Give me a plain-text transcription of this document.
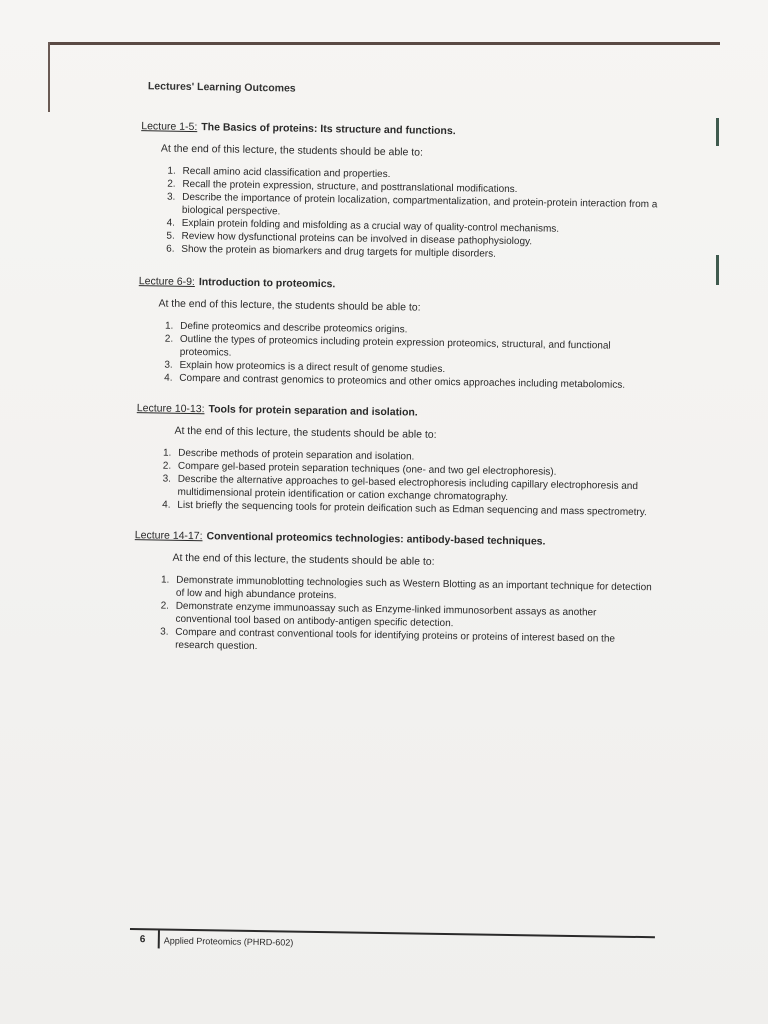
Lectures' Learning Outcomes
Lecture 1-5: The Basics of proteins: Its structure and functions.
At the end of this lecture, the students should be able to:
1. Recall amino acid classification and properties.
2. Recall the protein expression, structure, and posttranslational modifications.
3. Describe the importance of protein localization, compartmentalization, and protein-protein interaction from a biological perspective.
4. Explain protein folding and misfolding as a crucial way of quality-control mechanisms.
5. Review how dysfunctional proteins can be involved in disease pathophysiology.
6. Show the protein as biomarkers and drug targets for multiple disorders.
Lecture 6-9: Introduction to proteomics.
At the end of this lecture, the students should be able to:
1. Define proteomics and describe proteomics origins.
2. Outline the types of proteomics including protein expression proteomics, structural, and functional proteomics.
3. Explain how proteomics is a direct result of genome studies.
4. Compare and contrast genomics to proteomics and other omics approaches including metabolomics.
Lecture 10-13: Tools for protein separation and isolation.
At the end of this lecture, the students should be able to:
1. Describe methods of protein separation and isolation.
2. Compare gel-based protein separation techniques (one- and two gel electrophoresis).
3. Describe the alternative approaches to gel-based electrophoresis including capillary electrophoresis and multidimensional protein identification or cation exchange chromatography.
4. List briefly the sequencing tools for protein deification such as Edman sequencing and mass spectrometry.
Lecture 14-17: Conventional proteomics technologies: antibody-based techniques.
At the end of this lecture, the students should be able to:
1. Demonstrate immunoblotting technologies such as Western Blotting as an important technique for detection of low and high abundance proteins.
2. Demonstrate enzyme immunoassay such as Enzyme-linked immunosorbent assays as another conventional tool based on antibody-antigen specific detection.
3. Compare and contrast conventional tools for identifying proteins or proteins of interest based on the research question.
6 Applied Proteomics (PHRD-602)
